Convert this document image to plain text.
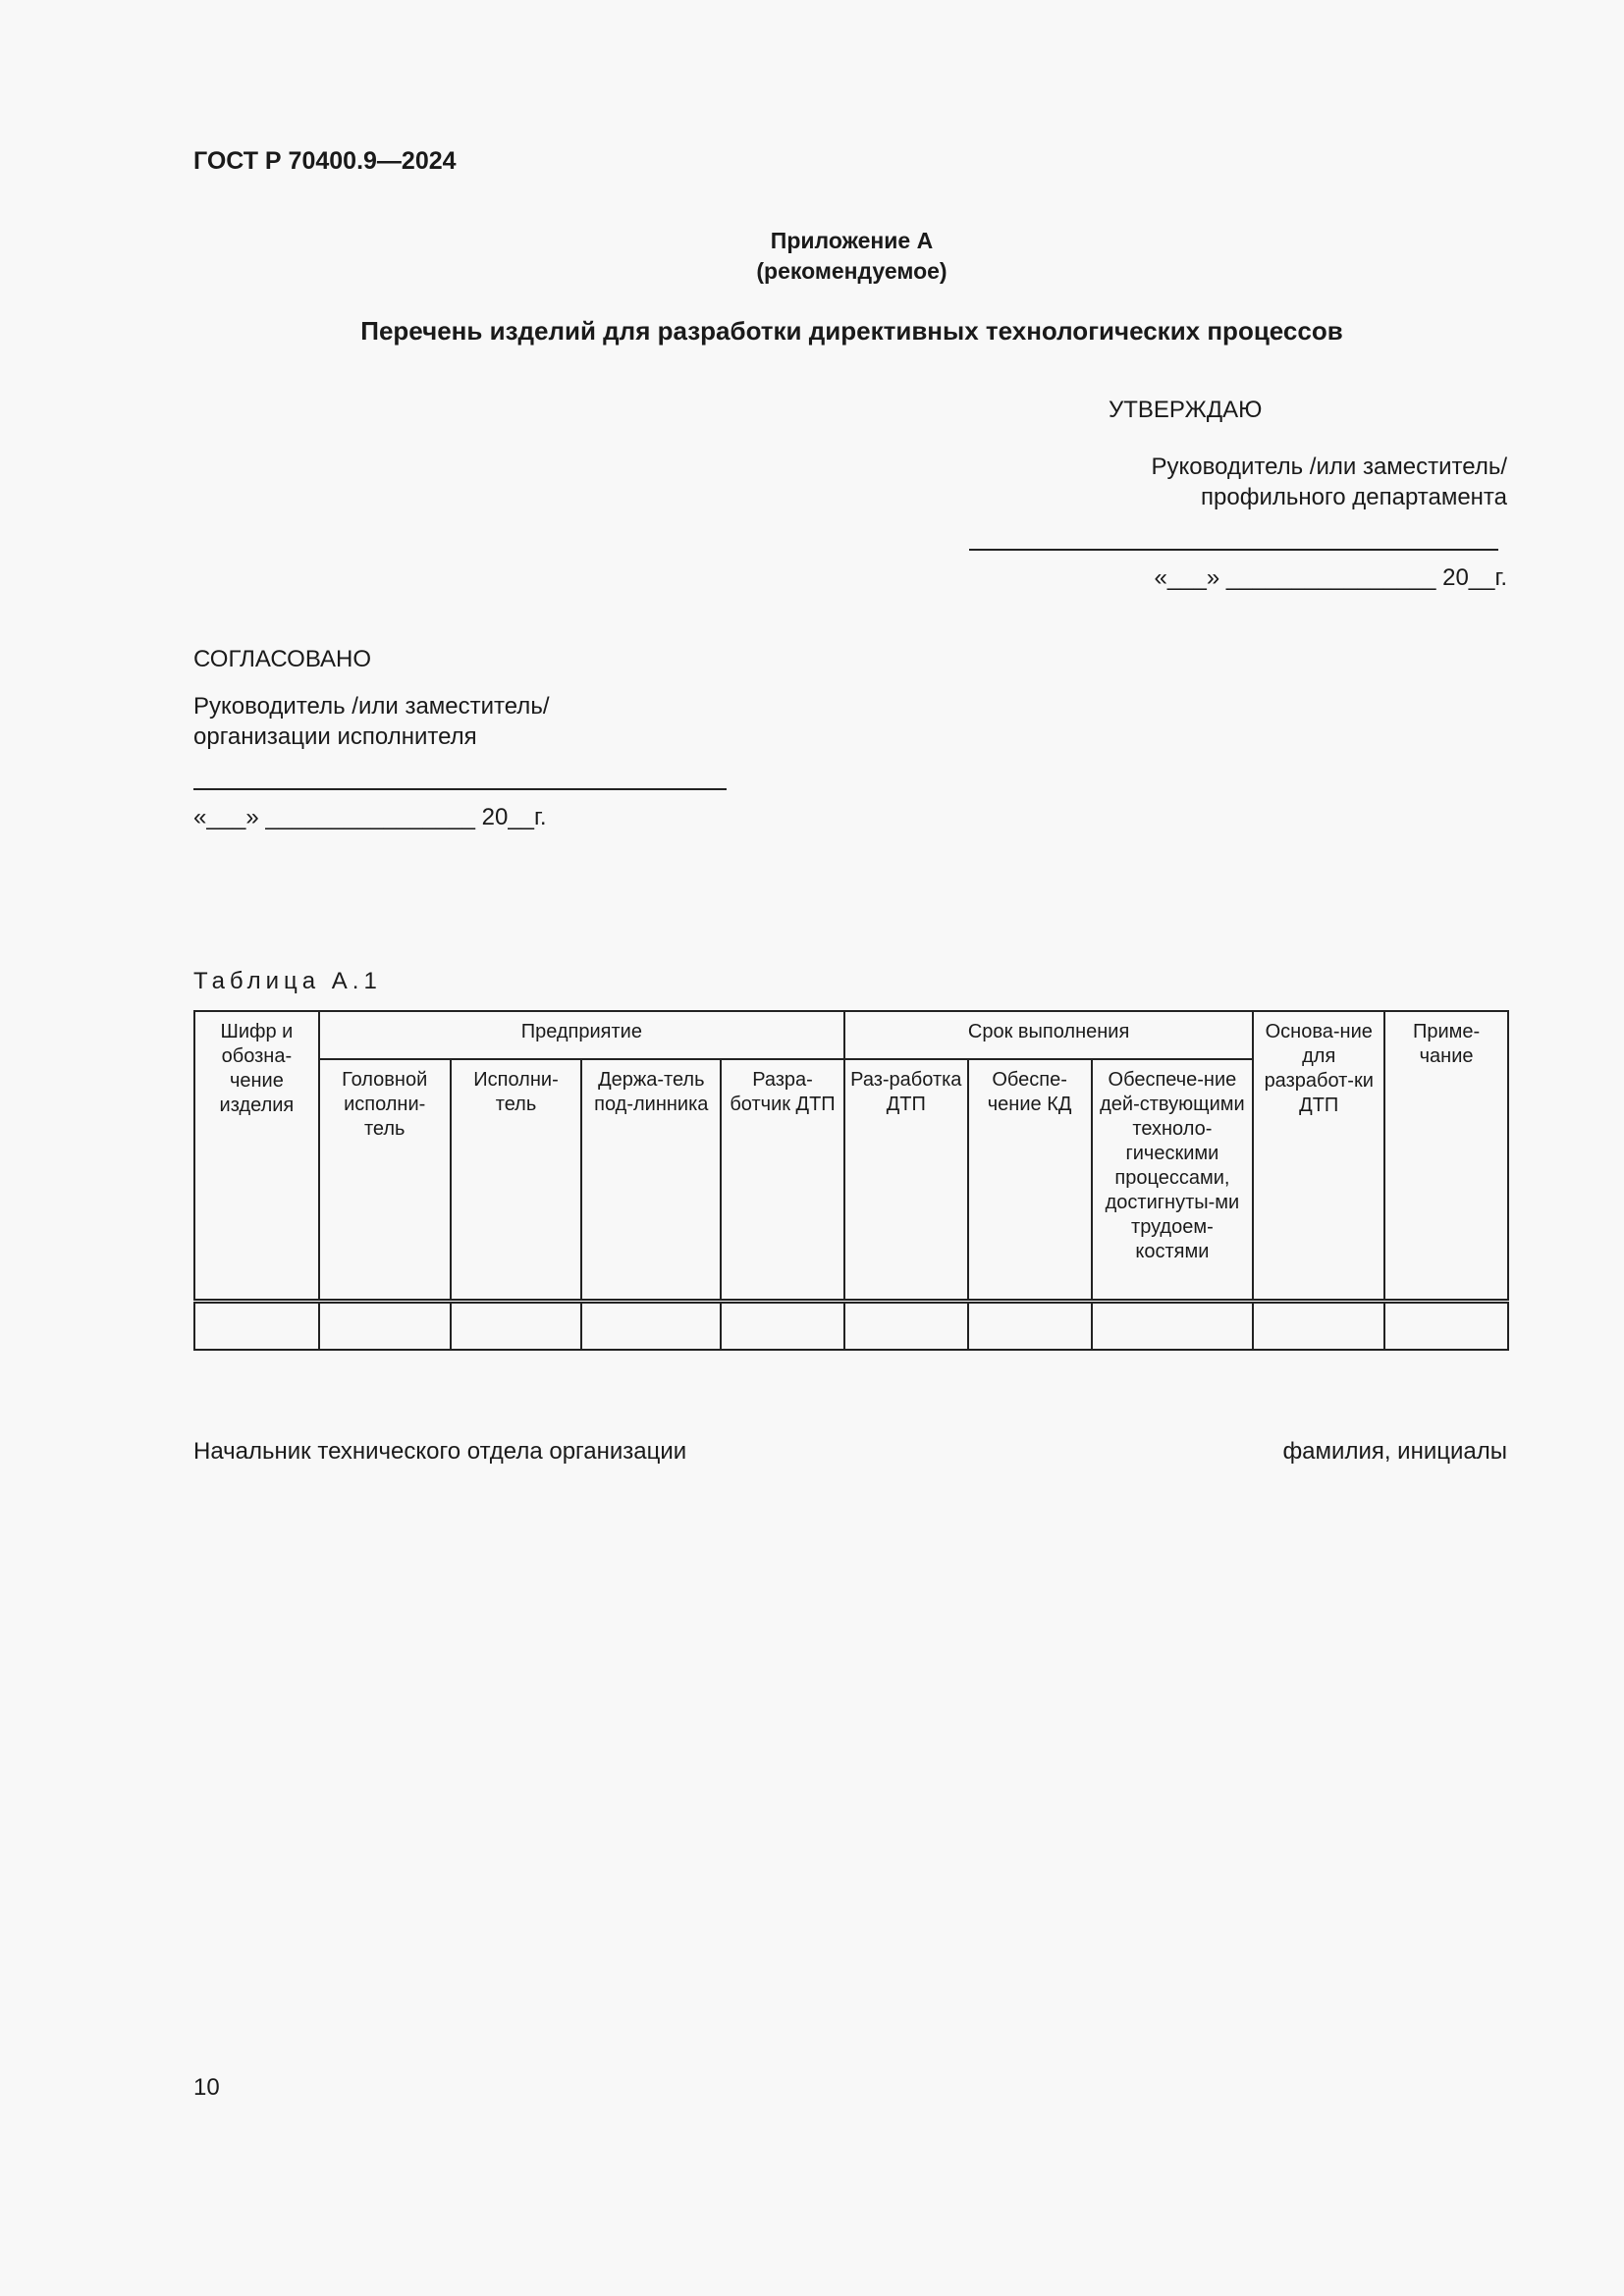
ГОСТ Р 70400.9—2024
Приложение А
(рекомендуемое)
Перечень изделий для разработки директивных технологических процессов
УТВЕРЖДАЮ
Руководитель /или заместитель/
профильного департамента
«___» ________________ 20__г.
СОГЛАСОВАНО
Руководитель /или заместитель/
организации исполнителя
«___» ________________ 20__г.
Таблица А.1
Шифр и обозна-чение изделия	Предприятие				Срок выполнения			Основа-ние для разработ-ки ДТП	Приме-чание
	Головной исполни-тель	Исполни-тель	Держа-тель под-линника	Разра-ботчик ДТП	Раз-работка ДТП	Обеспе-чение КД	Обеспече-ние дей-ствующими техноло-гическими процессами, достигнуты-ми трудоем-костями		

Начальник технического отдела организации	фамилия, инициалы
10
